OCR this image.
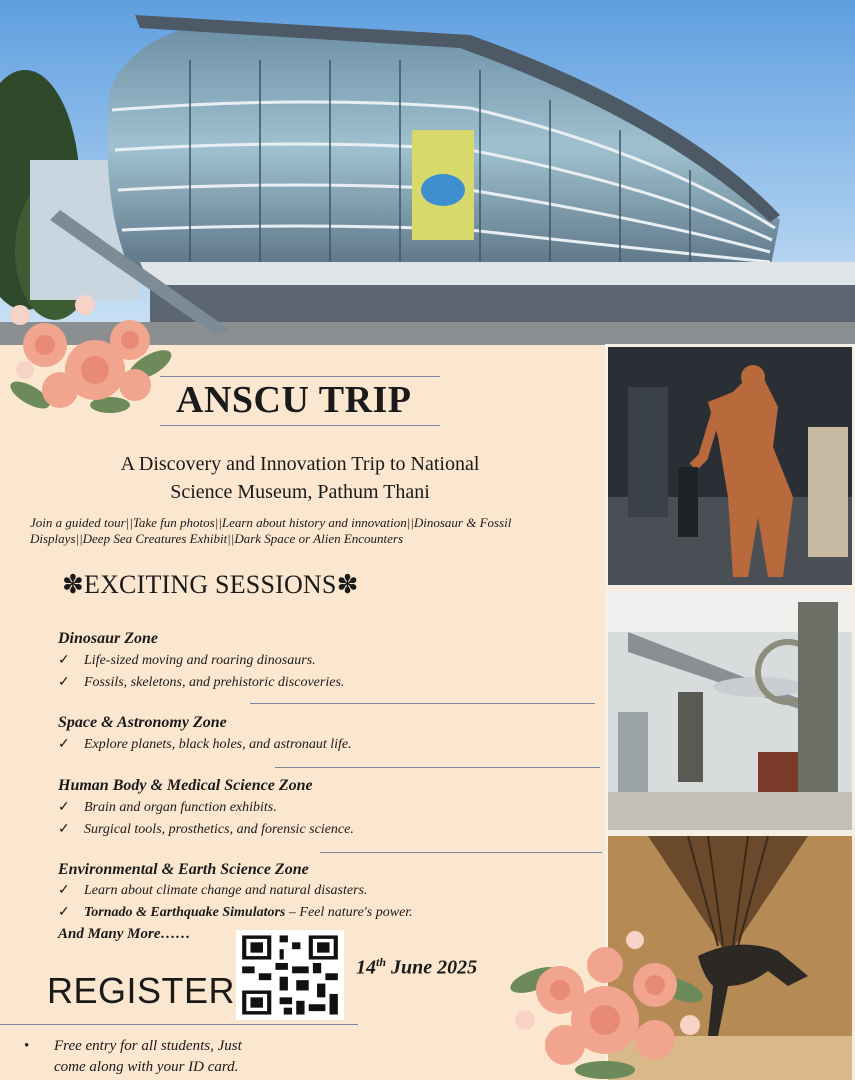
ANSCU TRIP
A Discovery and Innovation Trip to National
Science Museum, Pathum Thani
Join a guided tour||Take fun photos||Learn about history and innovation||Dinosaur & Fossil
Displays||Deep Sea Creatures Exhibit||Dark Space or Alien Encounters
✽EXCITING SESSIONS✽
Dinosaur Zone
✓ Life-sized moving and roaring dinosaurs.
✓ Fossils, skeletons, and prehistoric discoveries.
Space & Astronomy Zone
✓ Explore planets, black holes, and astronaut life.
Human Body & Medical Science Zone
✓ Brain and organ function exhibits.
✓ Surgical tools, prosthetics, and forensic science.
Environmental & Earth Science Zone
✓ Learn about climate change and natural disasters.
✓ Tornado & Earthquake Simulators – Feel nature's power.
And Many More……
14th June 2025
REGISTER
• Free entry for all students, Just
come along with your ID card.
